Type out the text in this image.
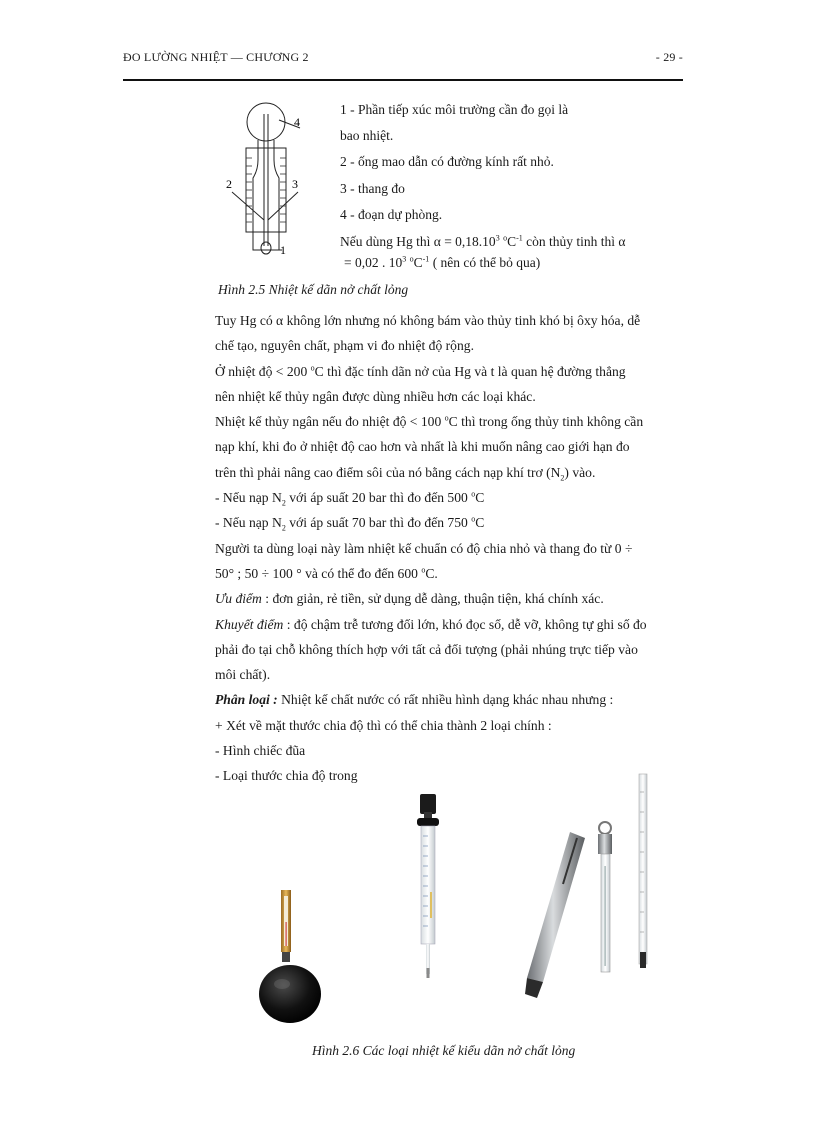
ĐO LƯỜNG NHIỆT — CHƯƠNG 2	- 29 -
4
2	3
1
1 - Phần tiếp xúc môi trường cần đo gọi là
bao nhiệt.
2 - ống mao dẫn có đường kính rất nhỏ.
3 - thang đo
4 - đoạn dự phòng.
Nếu dùng Hg thì $\alpha = 0,18.10^3$ $^oC^{-1}$ còn thủy tinh thì α
= 0,02 . $10^3$ $^oC^{-1}$ ( nên có thể bỏ qua)
Hình 2.5 Nhiệt kế dãn nở chất lỏng

Tuy Hg có α không lớn nhưng nó không bám vào thủy tinh khó bị ôxy hóa, dễ
chế tạo, nguyên chất, phạm vi đo nhiệt độ rộng.

Ở nhiệt độ < 200 $^o$C thì đặc tính dãn nở của Hg và t là quan hệ đường thẳng
nên nhiệt kế thủy ngân được dùng nhiều hơn các loại khác.

Nhiệt kế thủy ngân nếu đo nhiệt độ < 100 $^o$C thì trong ống thủy tinh không cần
nạp khí, khi đo ở nhiệt độ cao hơn và nhất là khi muốn nâng cao giới hạn đo
trên thì phải nâng cao điểm sôi của nó bằng cách nạp khí trơ $(N_2)$ vào.

- Nếu nạp $N_2$ với áp suất 20 bar thì đo đến 500 $^o$C

- Nếu nạp $N_2$ với áp suất 70 bar thì đo đến 750 $^o$C

Người ta dùng loại này làm nhiệt kế chuẩn có độ chia nhỏ và thang đo từ 0 ÷
50° ; 50 ÷ 100 ° và có thể đo đến 600 $^o$C.

Ưu điểm : đơn giản, rẻ tiền, sử dụng dễ dàng, thuận tiện, khá chính xác.

Khuyết điểm : độ chậm trễ tương đối lớn, khó đọc số, dễ vỡ, không tự ghi số đo
phải đo tại chỗ không thích hợp với tất cả đối tượng (phải nhúng trực tiếp vào
môi chất).

Phân loại : Nhiệt kế chất nước có rất nhiều hình dạng khác nhau nhưng :
+ Xét về mặt thước chia độ thì có thể chia thành 2 loại chính :
- Hình chiếc đũa
- Loại thước chia độ trong

Hình 2.6 Các loại nhiệt kế kiểu dãn nở chất lỏng
